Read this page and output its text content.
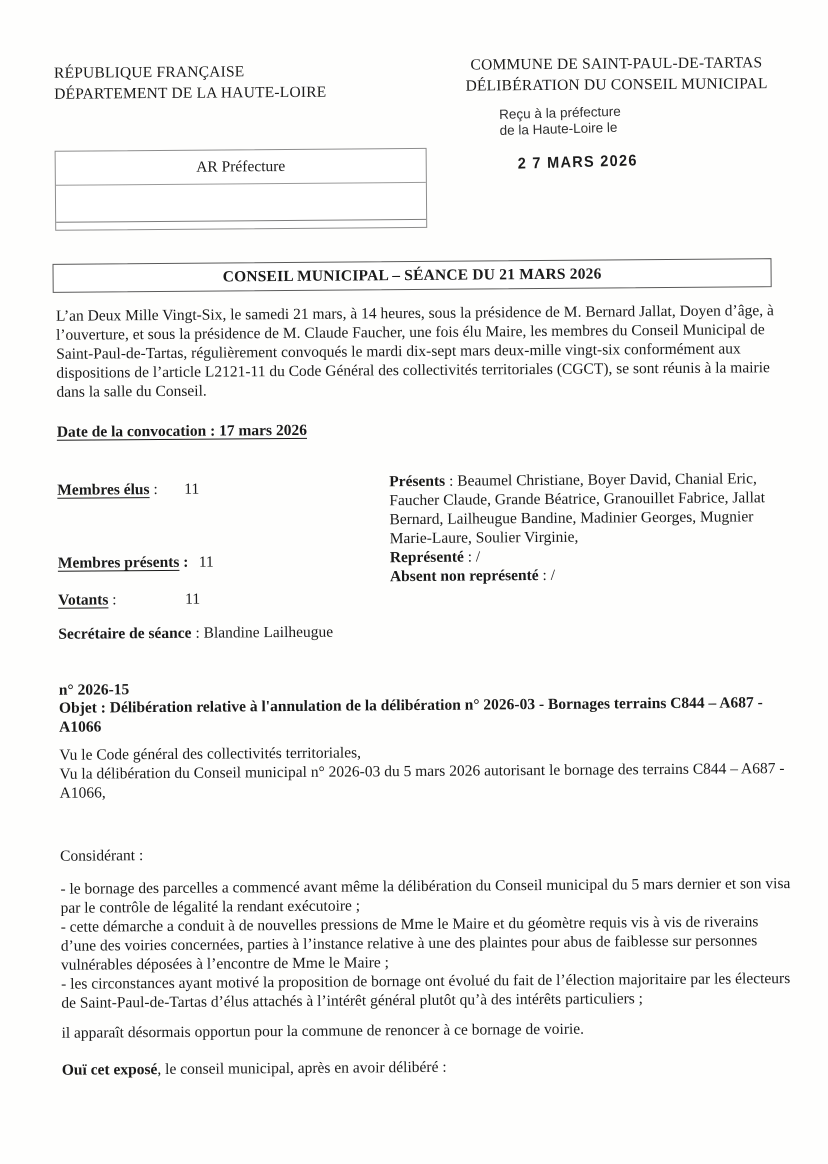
RÉPUBLIQUE FRANÇAISE
DÉPARTEMENT DE LA HAUTE-LOIRE
COMMUNE DE SAINT-PAUL-DE-TARTAS
DÉLIBÉRATION DU CONSEIL MUNICIPAL
Reçu à la préfecture
de la Haute-Loire le
2 7 MARS 2026
AR Préfecture
CONSEIL MUNICIPAL – SÉANCE DU 21 MARS 2026
L’an Deux Mille Vingt-Six, le samedi 21 mars, à 14 heures, sous la présidence de M. Bernard Jallat, Doyen d’âge, à l’ouverture, et sous la présidence de M. Claude Faucher, une fois élu Maire, les membres du Conseil Municipal de Saint-Paul-de-Tartas, régulièrement convoqués le mardi dix-sept mars deux-mille vingt-six conformément aux dispositions de l’article L2121-11 du Code Général des collectivités territoriales (CGCT), se sont réunis à la mairie dans la salle du Conseil.
Date de la convocation : 17 mars 2026
Membres élus : 11
Membres présents : 11
Votants :	11
Secrétaire de séance : Blandine Lailheugue
Présents : Beaumel Christiane, Boyer David, Chanial Eric, Faucher Claude, Grande Béatrice, Granouillet Fabrice, Jallat Bernard, Lailheugue Bandine, Madinier Georges, Mugnier Marie-Laure, Soulier Virginie,
Représenté : /
Absent non représenté : /
n° 2026-15
Objet : Délibération relative à l'annulation de la délibération n° 2026-03 - Bornages terrains C844 – A687 - A1066
Vu le Code général des collectivités territoriales,
Vu la délibération du Conseil municipal n° 2026-03 du 5 mars 2026 autorisant le bornage des terrains C844 – A687 - A1066,
Considérant :
- le bornage des parcelles a commencé avant même la délibération du Conseil municipal du 5 mars dernier et son visa par le contrôle de légalité la rendant exécutoire ;
- cette démarche a conduit à de nouvelles pressions de Mme le Maire et du géomètre requis vis à vis de riverains d’une des voiries concernées, parties à l’instance relative à une des plaintes pour abus de faiblesse sur personnes vulnérables déposées à l’encontre de Mme le Maire ;
- les circonstances ayant motivé la proposition de bornage ont évolué du fait de l’élection majoritaire par les électeurs de Saint-Paul-de-Tartas d’élus attachés à l’intérêt général plutôt qu’à des intérêts particuliers ;
il apparaît désormais opportun pour la commune de renoncer à ce bornage de voirie.
Ouï cet exposé, le conseil municipal, après en avoir délibéré :
